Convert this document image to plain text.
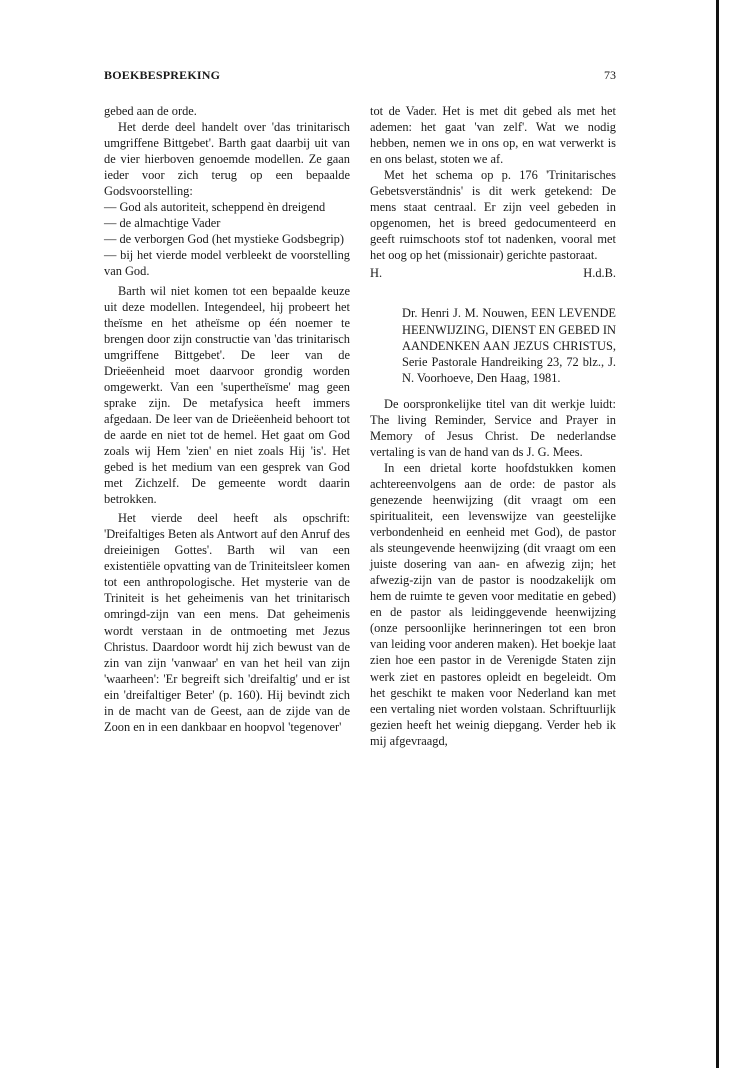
BOEKBESPREKING	73

gebed aan de orde.

Het derde deel handelt over 'das trinitarisch umgriffene Bittgebet'. Barth gaat daarbij uit van de vier hierboven genoemde modellen. Ze gaan ieder voor zich terug op een bepaalde Godsvoorstelling:

— God als autoriteit, scheppend èn dreigend

— de almachtige Vader

— de verborgen God (het mystieke Godsbegrip)

— bij het vierde model verbleekt de voorstelling van God.

Barth wil niet komen tot een bepaalde keuze uit deze modellen. Integendeel, hij probeert het theïsme en het atheïsme op één noemer te brengen door zijn constructie van 'das trinitarisch umgriffene Bittgebet'. De leer van de Drieëenheid moet daarvoor grondig worden omgewerkt. Van een 'supertheïsme' mag geen sprake zijn. De metafysica heeft immers afgedaan. De leer van de Drieëenheid behoort tot de aarde en niet tot de hemel. Het gaat om God zoals wij Hem 'zien' en niet zoals Hij 'is'. Het gebed is het medium van een gesprek van God met Zichzelf. De gemeente wordt daarin betrokken.

Het vierde deel heeft als opschrift: 'Dreifaltiges Beten als Antwort auf den Anruf des dreieinigen Gottes'. Barth wil van een existentiële opvatting van de Triniteitsleer komen tot een anthropologische. Het mysterie van de Triniteit is het geheimenis van het trinitarisch omringd-zijn van een mens. Dat geheimenis wordt verstaan in de ontmoeting met Jezus Christus. Daardoor wordt hij zich bewust van de zin van zijn 'vanwaar' en van het heil van zijn 'waarheen': 'Er begreift sich 'dreifaltig' und er ist ein 'dreifaltiger Beter' (p. 160). Hij bevindt zich in de macht van de Geest, aan de zijde van de Zoon en in een dankbaar en hoopvol 'tegenover'

tot de Vader. Het is met dit gebed als met het ademen: het gaat 'van zelf'. Wat we nodig hebben, nemen we in ons op, en wat verwerkt is en ons belast, stoten we af.

Met het schema op p. 176 'Trinitarisches Gebetsverständnis' is dit werk getekend: De mens staat centraal. Er zijn veel gebeden in opgenomen, het is breed gedocumenteerd en geeft ruimschoots stof tot nadenken, vooral met het oog op het (missionair) gerichte pastoraat.

H.	H.d.B.
Dr. Henri J. M. Nouwen, EEN LEVENDE HEENWIJZING, DIENST EN GEBED IN AANDENKEN AAN JEZUS CHRISTUS, Serie Pastorale Handreiking 23, 72 blz., J. N. Voorhoeve, Den Haag, 1981.

De oorspronkelijke titel van dit werkje luidt: The living Reminder, Service and Prayer in Memory of Jesus Christ. De nederlandse vertaling is van de hand van ds J. G. Mees.

In een drietal korte hoofdstukken komen achtereenvolgens aan de orde: de pastor als genezende heenwijzing (dit vraagt om een spiritualiteit, een levenswijze van geestelijke verbondenheid en eenheid met God), de pastor als steungevende heenwijzing (dit vraagt om een juiste dosering van aan- en afwezig zijn; het afwezig-zijn van de pastor is noodzakelijk om hem de ruimte te geven voor meditatie en gebed) en de pastor als leidinggevende heenwijzing (onze persoonlijke herinneringen tot een bron van leiding voor anderen maken). Het boekje laat zien hoe een pastor in de Verenigde Staten zijn werk ziet en pastores opleidt en begeleidt. Om het geschikt te maken voor Nederland kan met een vertaling niet worden volstaan. Schriftuurlijk gezien heeft het weinig diepgang. Verder heb ik mij afgevraagd,
